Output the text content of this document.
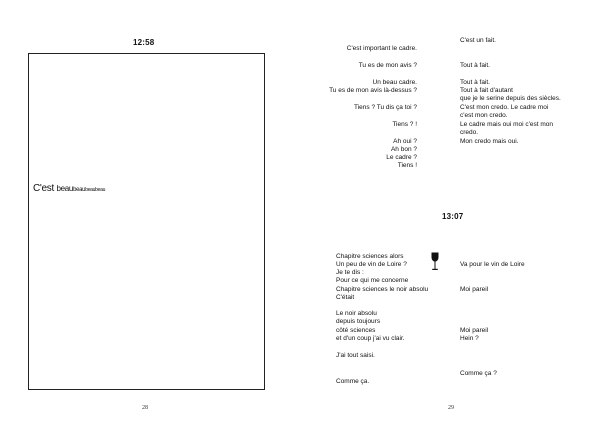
12:58
C'est beaubeaubeaubeau
28
C'est important le cadre.
Tu es de mon avis ?
Un beau cadre.
Tu es de mon avis là-dessus ?
Tiens ? Tu dis ça toi ?
Tiens ? !
Ah oui ?
Ah bon ?
Le cadre ?
Tiens !
C'est un fait.
Tout à fait.
Tout à fait.
Tout à fait d'autant
que je le serine depuis des siècles.
C'est mon credo. Le cadre moi
c'est mon credo.
Le cadre mais oui moi c'est mon
credo.
Mon credo mais oui.
13:07
Chapitre sciences alors
Un peu de vin de Loire ?
Je te dis :
Pour ce qui me concerne
Chapitre sciences le noir absolu
C'était
Le noir absolu
depuis toujours
côté sciences
et d'un coup j'ai vu clair.
J'ai tout saisi.
Comme ça.
Va pour le vin de Loire
Moi pareil
Moi pareil
Hein ?
Comme ça ?
29
